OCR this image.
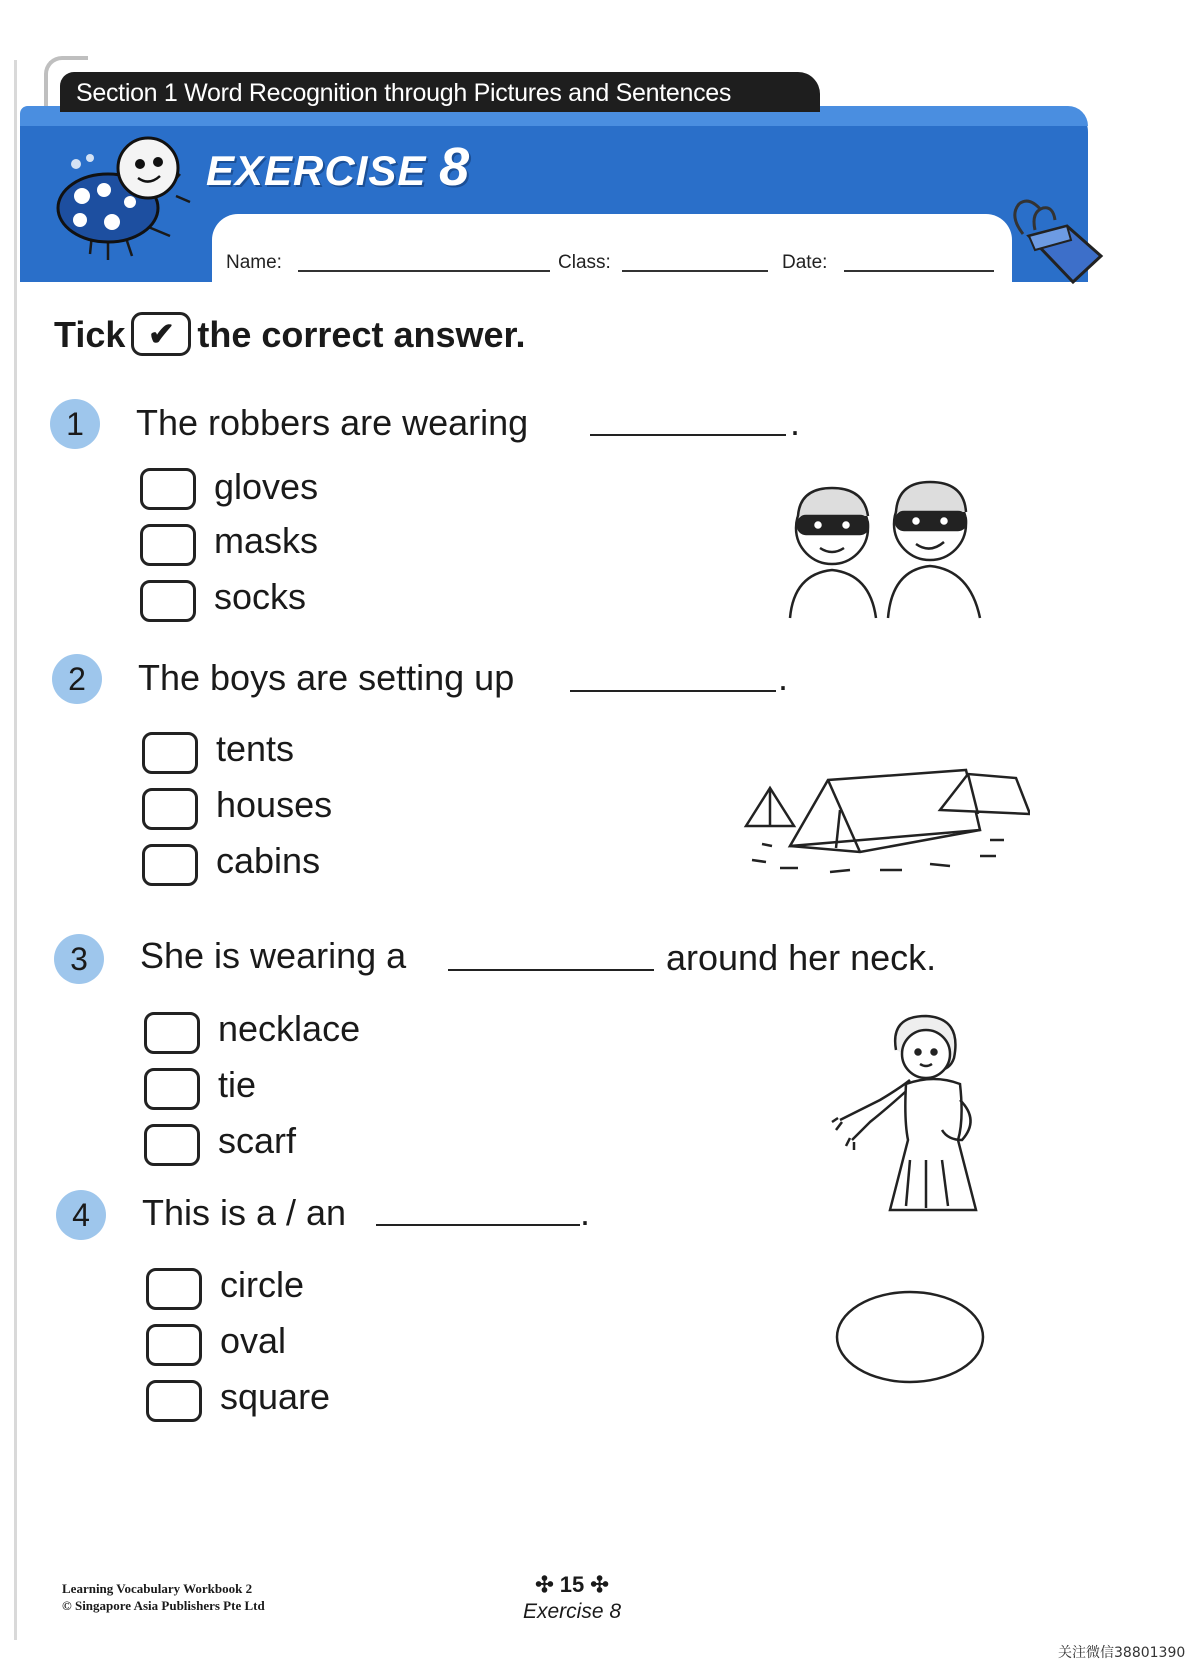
Section 1 Word Recognition through Pictures and Sentences
EXERCISE 8
Name:	Class:	Date:
Tick ✔ the correct answer.
1	The robbers are wearing	.
gloves
masks
socks
2	The boys are setting up	.
tents
houses
cabins
3	She is wearing a	around her neck.
necklace
tie
scarf
4	This is a / an	.
circle
oval
square
Learning Vocabulary Workbook 2
© Singapore Asia Publishers Pte Ltd
✣ 15 ✣
Exercise 8
关注微信38801390
